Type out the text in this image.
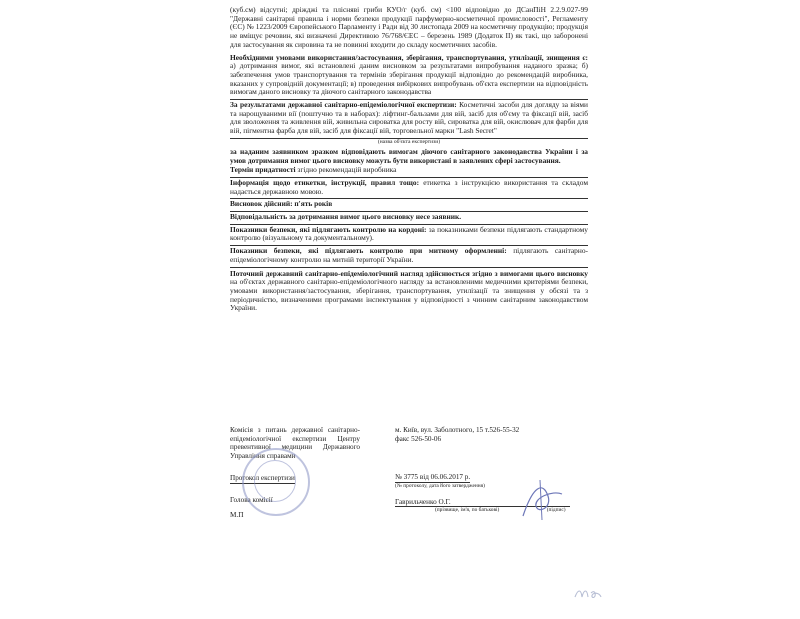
(куб.см) відсутні; дріжджі та плісняві гриби КУО/г (куб. см) <100 відповідно до ДСанПіН 2.2.9.027-99 "Державні санітарні правила і норми безпеки продукції парфумерно-косметичної промисловості", Регламенту (ЄС) № 1223/2009 Європейського Парламенту і Ради від 30 листопада 2009 на косметичну продукцію; продукція не вміщує речовин, які визначені Директивою 76/768/ЄЕС – березень 1989 (Додаток II) як такі, що заборонені для застосування як сировина та не повинні входити до складу косметичних засобів.

Необхідними умовами використання/застосування, зберігання, транспортування, утилізації, знищення є: а) дотримання вимог, які встановлені даним висновком за результатами випробування наданого зразка; б) забезпечення умов транспортування та термінів зберігання продукції відповідно до рекомендацій виробника, вказаних у супровідній документації; в) проведення вибіркових випробувань об'єкта експертизи на відповідність вимогам даного висновку та діючого санітарного законодавства

За результатами державної санітарно-епідеміологічної експертизи: Косметичні засоби для догляду за віями та нарощуваними вії (поштучно та в наборах): ліфтинг-бальзами для вій, засіб для об'єму та фіксації вій, засіб для зволоження та живлення вій, живильна сироватка для росту вій, сироватка для вій, окислювач для фарби для вій, пігментна фарба для вій, засіб для фіксації вій, торговельної марки "Lash Secret"

(назва об'єкта експертизи)

за наданим заявником зразком відповідають вимогам діючого санітарного законодавства України і за умов дотримання вимог цього висновку можуть бути використані в заявлених сфері застосування.

Термін придатності згідно рекомендацій виробника

Інформація щодо етикетки, інструкції, правил тощо: етикетка з інструкцією використання та складом надається державною мовою.

Висновок дійсний: п'ять років
Відповідальність за дотримання вимог цього висновку несе заявник.

Показники безпеки, які підлягають контролю на кордоні: за показниками безпеки підлягають стандартному контролю (візуальному та документальному).

Показники безпеки, які підлягають контролю при митному оформленні: підлягають санітарно-епідеміологічному контролю на митній території України.

Поточний державний санітарно-епідеміологічний нагляд здійснюється згідно з вимогами цього висновку на об'єктах державного санітарно-епідеміологічного нагляду за встановленими медичними критеріями безпеки, умовами використання/застосування, зберігання, транспортування, утилізації та знищення у обсязі та з періодичністю, визначеними програмами інспектування у відповідності з чинним санітарним законодавством України.

Комісія з питань державної санітарно-епідеміологічної експертизи Центру превентивної медицини Державного Управління справами
Протокол експертизи
Голова комісії
М.П
м. Київ, вул. Заболотного, 15 т.526-55-32
факс 526-50-06
№ 3775 від 06.06.2017 р.
(№ протоколу, дата його затвердження)
Гаврильченко О.Г.
(прізвище, ім'я, по батькові)	(підпис)
